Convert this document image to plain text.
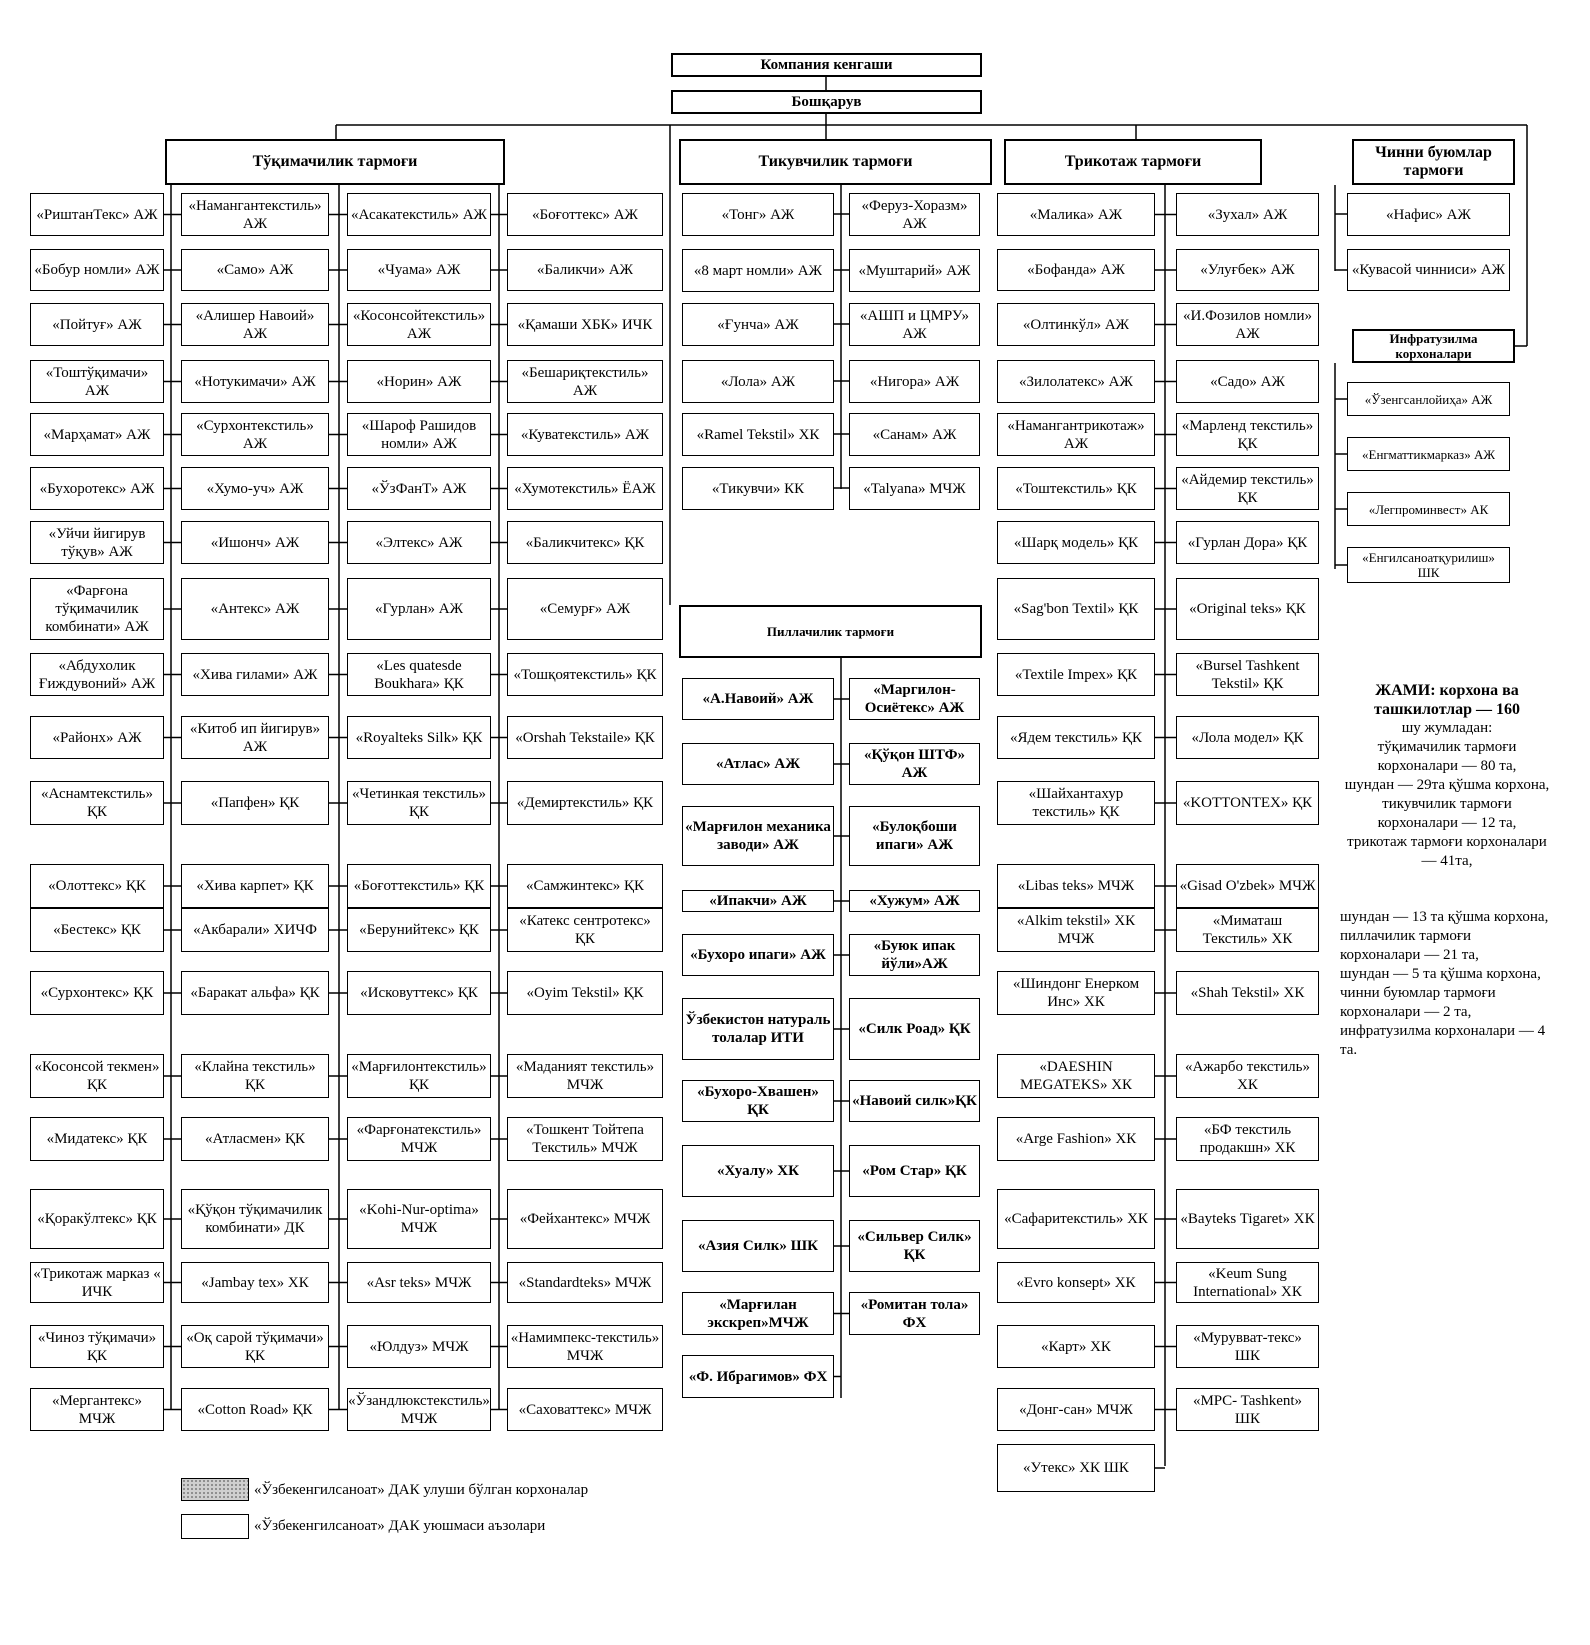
Компания кенгаши
Бошқарув
Тўқимачилик тармоғи	Тикувчилик тармоғи	Трикотаж тармоғи
Чинни буюмлар тармоғи
Пиллачилик тармоғи
Инфратузилма корхоналари
«РиштанТекс» АЖ
«Бобур номли» АЖ
«Пойтуғ» АЖ
«Тоштўқимачи» АЖ
«Марҳамат» АЖ
«Бухоротекс» АЖ
«Уйчи йигирув тўқув» АЖ
«Фарғона тўқимачилик комбинати» АЖ
«Абдухолик Ғиждувоний» АЖ
«Районх» АЖ
«Аснамтекстиль» ҚК
«Олоттекс» ҚК
«Бестекс» ҚК
«Сурхонтекс» ҚК
«Косонсой текмен» ҚК
«Мидатекс» ҚК
«Қоракўлтекс» ҚК
«Трикотаж марказ « ИЧК
«Чиноз тўқимачи» ҚК
«Мергантекс» МЧЖ
«Намангантекстиль» АЖ
«Само» АЖ
«Алишер Навоий» АЖ
«Нотукимачи» АЖ
«Сурхонтекстиль» АЖ
«Хумо-уч» АЖ
«Ишонч» АЖ
«Антекс» АЖ
«Хива гилами» АЖ
«Китоб ип йигирув» АЖ
«Папфен» ҚК
«Хива карпет» ҚК
«Акбарали» ХИЧФ
«Баракат альфа» ҚК
«Клайна текстиль» ҚК
«Атласмен» ҚК
«Қўқон тўқимачилик комбинати» ДК
«Jambay tex» ХК
«Оқ сарой тўқимачи» ҚК
«Cotton Road» ҚК
«Асакатекстиль» АЖ
«Чуама» АЖ
«Косонсойтекстиль» АЖ
«Норин» АЖ
«Шароф Рашидов номли» АЖ
«ЎзФанТ» АЖ
«Элтекс» АЖ
«Гурлан» АЖ
«Les quatesde Boukhara» ҚК
«Royalteks Silk» ҚК
«Четинкая текстиль» ҚК
«Боғоттекстиль» ҚК
«Берунийтекс» ҚК
«Исковуттекс» ҚК
«Марғилонтекстиль» ҚК
«Фарғонатекстиль» МЧЖ
«Kohi-Nur-optima» МЧЖ
«Asr teks» МЧЖ
«Юлдуз» МЧЖ
«Ўзандлюкстекстиль» МЧЖ
«Боғоттекс» АЖ
«Баликчи» АЖ
«Қамаши ХБК» ИЧК
«Бешариқтекстиль» АЖ
«Куватекстиль» АЖ
«Хумотекстиль» ЁАЖ
«Баликчитекс» ҚК
«Семурғ» АЖ
«Тошқоятекстиль» ҚК
«Orshah Tekstaile» ҚК
«Демиртекстиль» ҚК
«Самжинтекс» ҚК
«Катекс сентротекс» ҚК
«Oyim Tekstil» ҚК
«Маданият текстиль» МЧЖ
«Тошкент Тойтепа Текстиль» МЧЖ
«Фейхантекс» МЧЖ
«Standardteks» МЧЖ
«Намимпекс-текстиль» МЧЖ
«Саховаттекс» МЧЖ
«Тонг» АЖ
«8 март номли» АЖ
«Ғунча» АЖ
«Лола» АЖ
«Ramel Tekstil» ХК
«Тикувчи» КК
«Феруз-Хоразм» АЖ
«Муштарий» АЖ
«АШП и ЦМРУ» АЖ
«Нигора» АЖ
«Санам» АЖ
«Talyana» МЧЖ
«А.Навоий» АЖ
«Атлас» АЖ
«Марғилон механика заводи» АЖ
«Ипакчи» АЖ
«Бухоро ипаги» АЖ
Ўзбекистон натураль толалар ИТИ
«Бухоро-Хвашен» ҚК
«Хуалу» ХК
«Азия Силк» ШК
«Марғилан экскреп»МЧЖ
«Ф. Ибрагимов» ФХ
«Маргилон-Осиётекс» АЖ
«Қўқон ШТФ» АЖ
«Булоқбоши ипаги» АЖ
«Хужум» АЖ
«Буюк ипак йўли»АЖ
«Силк Роад» ҚК
«Навоий силк»ҚК
«Ром Стар» ҚК
«Сильвер Силк» ҚК
«Ромитан тола» ФХ
«Малика» АЖ
«Бофанда» АЖ
«Олтинкўл» АЖ
«Зилолатекс» АЖ
«Намангантрикотаж» АЖ
«Тоштекстиль» ҚК
«Шарқ модель» ҚК
«Sag'bon Textil» ҚК
«Textile Impex» ҚК
«Ядем текстиль» ҚК
«Шайхантахур текстиль» ҚК
«Libas teks» МЧЖ
«Alkim tekstil» ХК МЧЖ
«Шиндонг Енерком Инс» ХК
«DAESHIN MEGATEKS» ХК
«Arge Fashion» ХК
«Сафаритекстиль» ХК
«Evro konsept» ХК
«Карт» ХК
«Донг-сан» МЧЖ
«Утекс» ХК ШК
«Зухал» АЖ
«Улуғбек» АЖ
«И.Фозилов номли» АЖ
«Садо» АЖ
«Марленд текстиль» ҚК
«Айдемир текстиль» ҚК
«Гурлан Дора» ҚК
«Original teks» ҚК
«Bursel Tashkent Tekstil» ҚК
«Лола модел» ҚК
«KOTTONTEX» ҚК
«Gisad O'zbek» МЧЖ
«Миматаш Текстиль» ХК
«Shah Tekstil» ХК
«Ажарбо текстиль» ХК
«БФ текстиль продакшн» ХК
«Bayteks Tigaret» ХК
«Keum Sung International» ХК
«Мурувват-текс» ШК
«MPC- Tashkent» ШК
«Нафис» АЖ
«Кувасой чинниси» АЖ
«Ўзенгсанлойиҳа» АЖ
«Енгматтикмарказ» АЖ
«Легпроминвест» АК
«Енгилсаноатқурилиш» ШК
«Ўзбекенгилсаноат» ДАК улуши бўлган корхоналар
«Ўзбекенгилсаноат» ДАК уюшмаси аъзолари
ЖАМИ: корхона ва ташкилотлар — 160
шу жумладан:
тўқимачилик тармоғи корхоналари — 80 та,
шундан — 29та қўшма корхона,
тикувчилик тармоғи корхоналари — 12 та,
трикотаж тармоғи корхоналари — 41та,
шундан — 13 та қўшма корхона,
пиллачилик тармоғи корхоналари — 21 та,
шундан — 5 та қўшма корхона,
чинни буюмлар тармоғи корхоналари — 2 та,
инфратузилма корхоналари — 4 та.
